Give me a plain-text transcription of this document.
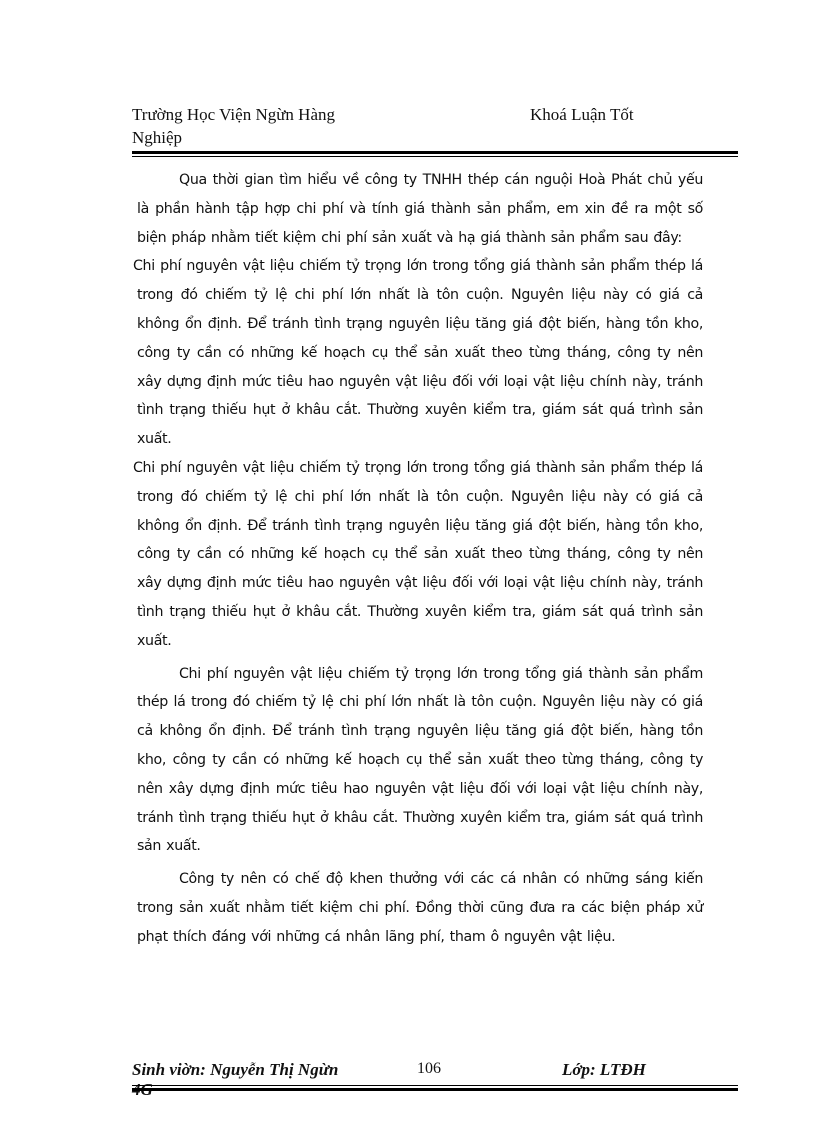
Trường Học Viện Ngừn Hàng
Nghiệp
Khoá Luận Tốt

Qua thời gian tìm hiểu về công ty TNHH thép cán nguội Hoà Phát chủ yếu là phần hành tập hợp chi phí và tính giá thành sản phẩm, em xin đề ra một số biện pháp nhằm tiết kiệm chi phí sản xuất và hạ giá thành sản phẩm sau đây:

Chi phí nguyên vật liệu chiếm tỷ trọng lớn trong tổng giá thành sản phẩm thép lá trong đó chiếm tỷ lệ chi phí lớn nhất là tôn cuộn. Nguyên liệu này có giá cả không ổn định. Để tránh tình trạng nguyên liệu tăng giá đột biến, hàng tồn kho, công ty cần có những kế hoạch cụ thể sản xuất theo từng tháng, công ty nên xây dựng định mức tiêu hao nguyên vật liệu đối với loại vật liệu chính này, tránh tình trạng thiếu hụt ở khâu cắt. Thường xuyên kiểm tra, giám sát quá trình sản xuất.

Chi phí nguyên vật liệu chiếm tỷ trọng lớn trong tổng giá thành sản phẩm thép lá trong đó chiếm tỷ lệ chi phí lớn nhất là tôn cuộn. Nguyên liệu này có giá cả không ổn định. Để tránh tình trạng nguyên liệu tăng giá đột biến, hàng tồn kho, công ty cần có những kế hoạch cụ thể sản xuất theo từng tháng, công ty nên xây dựng định mức tiêu hao nguyên vật liệu đối với loại vật liệu chính này, tránh tình trạng thiếu hụt ở khâu cắt. Thường xuyên kiểm tra, giám sát quá trình sản xuất.

Chi phí nguyên vật liệu chiếm tỷ trọng lớn trong tổng giá thành sản phẩm thép lá trong đó chiếm tỷ lệ chi phí lớn nhất là tôn cuộn. Nguyên liệu này có giá cả không ổn định. Để tránh tình trạng nguyên liệu tăng giá đột biến, hàng tồn kho, công ty cần có những kế hoạch cụ thể sản xuất theo từng tháng, công ty nên xây dựng định mức tiêu hao nguyên vật liệu đối với loại vật liệu chính này, tránh tình trạng thiếu hụt ở khâu cắt. Thường xuyên kiểm tra, giám sát quá trình sản xuất.

Công ty nên có chế độ khen thưởng với các cá nhân có những sáng kiến trong sản xuất nhằm tiết kiệm chi phí. Đồng thời cũng đưa ra các biện pháp xử phạt thích đáng với những cá nhân lãng phí, tham ô nguyên vật liệu.

Sinh viờn: Nguyễn Thị Ngừn	106	Lớp: LTĐH
